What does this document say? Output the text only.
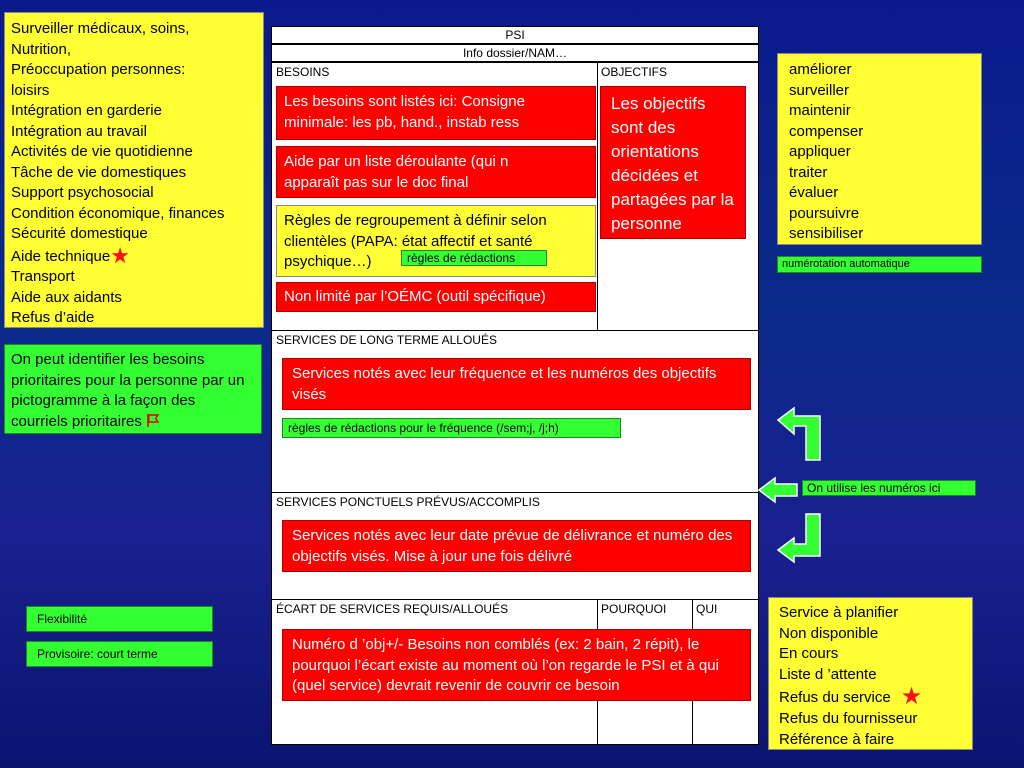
Surveiller médicaux, soins,
Nutrition,
Préoccupation personnes:
loisirs
Intégration en garderie
Intégration au travail
Activités de vie quotidienne
Tâche de vie domestiques
Support psychosocial
Condition économique, finances
Sécurité domestique
Aide technique★
Transport
Aide aux aidants
Refus d’aide
On peut identifier les besoins prioritaires pour la personne par un pictogramme à la façon des courriels prioritaires
Flexibilité
Provisoire: court terme
PSI
Info dossier/NAM…
BESOINS	OBJECTIFS
SERVICES DE LONG TERME ALLOUÉS
SERVICES PONCTUELS PRÉVUS/ACCOMPLIS
ÉCART DE SERVICES REQUIS/ALLOUÉS	POURQUOI	QUI
Les besoins sont listés ici: Consigne minimale: les pb, hand., instab ress
Aide par un liste déroulante (qui n apparaît pas sur le doc final
Règles de regroupement à définir selon clientèles (PAPA: état affectif et santé psychique…)	règles de rédactions
Non limité par l’OÉMC (outil spécifique)
Les objectifs sont des orientations décidées et partagées par la personne
Services notés avec leur fréquence et les numéros des objectifs visés
règles de rédactions pour le fréquence (/sem;j, /j;h)
Services notés avec leur date prévue de délivrance et numéro des objectifs visés. Mise à jour une fois délivré
Numéro d ’obj+/- Besoins non comblés (ex: 2 bain, 2 répit), le pourquoi l’écart existe au moment où l’on regarde le PSI et à qui (quel service) devrait revenir de couvrir ce besoin
améliorer
surveiller
maintenir
compenser
appliquer
traiter
évaluer
poursuivre
sensibiliser
numérotation automatique
On utilise les numéros ici
Service à planifier
Non disponible
En cours
Liste d ’attente
Refus du service ★
Refus du fournisseur
Référence à faire
